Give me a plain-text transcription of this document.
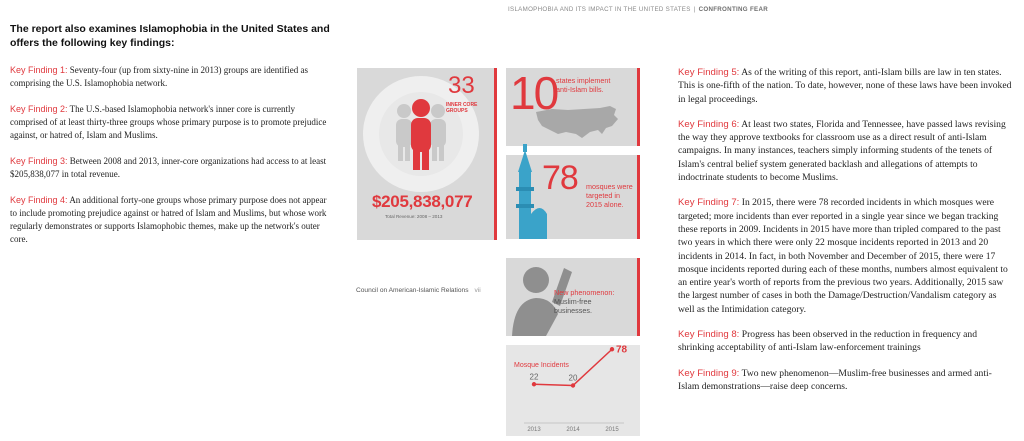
The report also examines Islamophobia in the United States and offers the following key findings:

Key Finding 1: Seventy-four (up from sixty-nine in 2013) groups are identified as comprising the U.S. Islamophobia network.

Key Finding 2: The U.S.-based Islamophobia network's inner core is currently comprised of at least thirty-three groups whose primary purpose is to promote prejudice against, or hatred of, Islam and Muslims.

Key Finding 3: Between 2008 and 2013, inner-core organizations had access to at least $205,838,077 in total revenue.

Key Finding 4: An additional forty-one groups whose primary purpose does not appear to include promoting prejudice against or hatred of Islam and Muslims, but whose work regularly demonstrates or supports Islamophobic themes, make up the network's outer core.

ISLAMOPHOBIA AND ITS IMPACT IN THE UNITED STATES | CONFRONTING FEAR
33
INNER CORE
GROUPS
$205,838,077
Total Revenue: 2008 – 2013
10
states implement
anti-Islam bills.
78 mosques were
targeted in
2015 alone.
New phenomenon:
Muslim-free
businesses.
Mosque Incidents
22
2013
20
2014
78
2015
Council on American-Islamic Relations vii

Key Finding 5: As of the writing of this report, anti-Islam bills are law in ten states. This is one-fifth of the nation. To date, however, none of these laws have been invoked in legal proceedings.

Key Finding 6: At least two states, Florida and Tennessee, have passed laws revising the way they approve textbooks for classroom use as a direct result of anti-Islam campaigns. In many instances, teachers simply informing students of the tenets of Islam's central belief system generated backlash and allegations of attempts to indoctrinate students to become Muslims.

Key Finding 7: In 2015, there were 78 recorded incidents in which mosques were targeted; more incidents than ever reported in a single year since we began tracking these reports in 2009. Incidents in 2015 have more than tripled compared to the past two years in which there were only 22 mosque incidents reported in 2013 and 20 incidents in 2014. In fact, in both November and December of 2015, there were 17 mosque incidents reported during each of these months, numbers almost equivalent to an entire year's worth of reports from the previous two years. Additionally, 2015 saw the largest number of cases in both the Damage/Destruction/Vandalism category as well as the Intimidation category.

Key Finding 8: Progress has been observed in the reduction in frequency and shrinking acceptability of anti-Islam law-enforcement trainings

Key Finding 9: Two new phenomenon—Muslim-free businesses and armed anti-Islam demonstrations—raise deep concerns.
